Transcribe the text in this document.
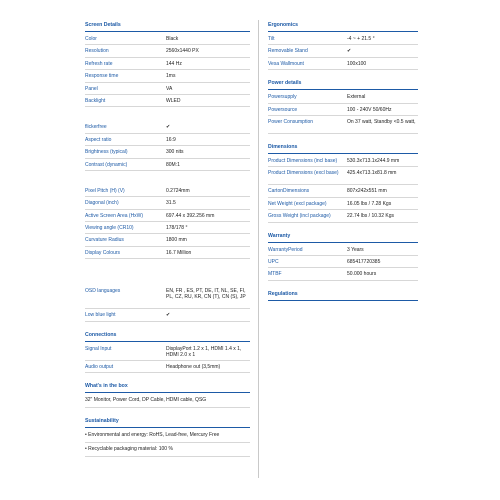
Screen Details
Color	Black
Resolution	2560x1440 PX
Refresh rate	144 Hz
Response time	1ms
Panel	VA
Backlight	WLED
flickerfree	✔
Aspect ratio	16:9
Brightness (typical)	300 nits
Contrast (dynamic)	80M:1
Pixel Pitch (H) (V)	0.2724mm
Diagonal (inch)	31.5
Active Screen Area (HxW)	697.44 x 392.256 mm
Viewing angle (CR10)	178/178 °
Curvature Radius	1800 mm
Display Colours	16.7 Million
OSD languages	EN, FR , ES, PT, DE, IT, NL, SE, FI, PL, CZ, RU, KR, CN (T), CN (S), JP
Low blue light	✔
Connections
Signal Input	DisplayPort 1.2 x 1, HDMI 1.4 x 1, HDMI 2.0 x 1
Audio output	Headphone out (3,5mm)
What's in the box
32" Monitor, Power Cord, DP Cable, HDMI cable, QSG
Sustainability
• Environmental and energy: RoHS, Lead-free, Mercury Free
• Recyclable packaging material: 100 %
Ergonomics
Tilt	-4 ~ + 21.5 °
Removable Stand	✔
Vesa Wallmount	100x100
Power details
Powersupply	External
Powersource	100 - 240V 50/60Hz
Power Consumption	On 37 watt, Standby <0.5 watt,
Dimensions
Product Dimensions (incl base)	530.3x713.1x244.9 mm
Product Dimensions (excl base)	425.4x713.1x81.8 mm
CartonDimensions	807x242x551 mm
Net Weight (excl package)	16.05 lbs / 7.28 Kgs
Gross Weight (incl package)	22.74 lbs / 10.32 Kgs
Warranty
WarrantyPeriod	3 Years
UPC	685417720385
MTBF	50.000 hours
Regulations
